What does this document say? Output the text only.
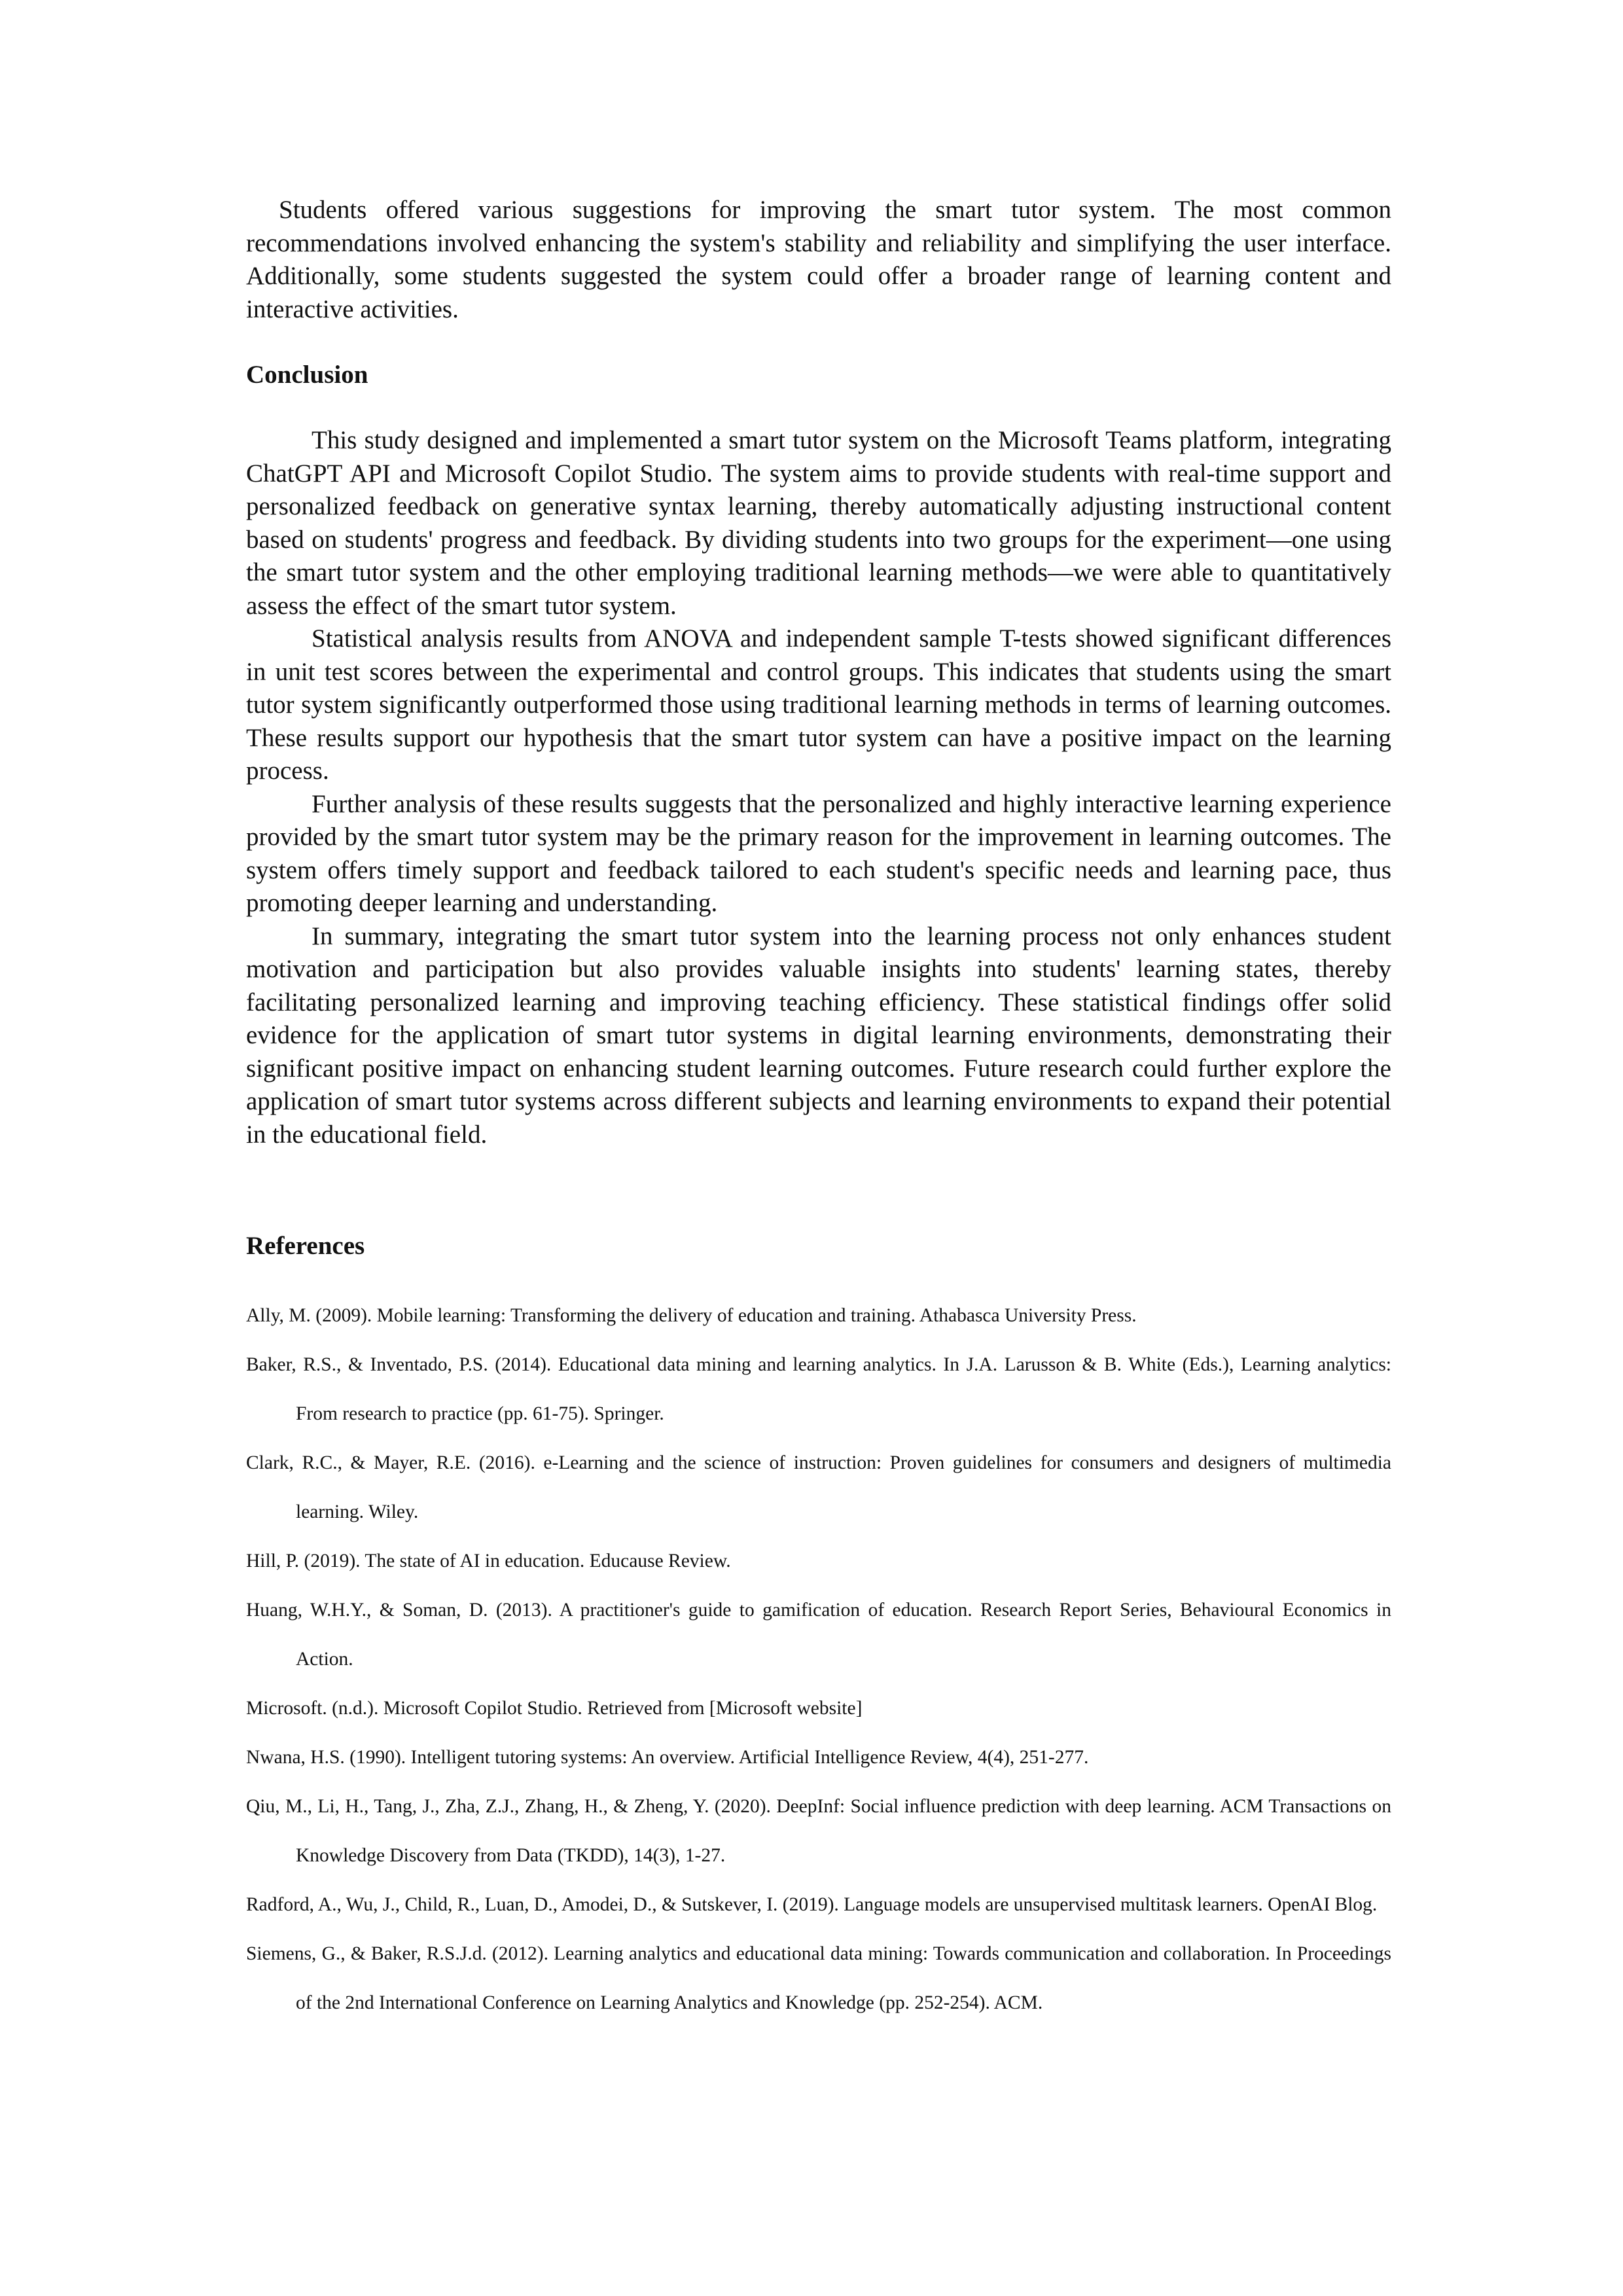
Students offered various suggestions for improving the smart tutor system. The most common recommendations involved enhancing the system's stability and reliability and simplifying the user interface. Additionally, some students suggested the system could offer a broader range of learning content and interactive activities.

Conclusion

This study designed and implemented a smart tutor system on the Microsoft Teams platform, integrating ChatGPT API and Microsoft Copilot Studio. The system aims to provide students with real-time support and personalized feedback on generative syntax learning, thereby automatically adjusting instructional content based on students' progress and feedback. By dividing students into two groups for the experiment—one using the smart tutor system and the other employing traditional learning methods—we were able to quantitatively assess the effect of the smart tutor system.

Statistical analysis results from ANOVA and independent sample T-tests showed significant differences in unit test scores between the experimental and control groups. This indicates that students using the smart tutor system significantly outperformed those using traditional learning methods in terms of learning outcomes. These results support our hypothesis that the smart tutor system can have a positive impact on the learning process.

Further analysis of these results suggests that the personalized and highly interactive learning experience provided by the smart tutor system may be the primary reason for the improvement in learning outcomes. The system offers timely support and feedback tailored to each student's specific needs and learning pace, thus promoting deeper learning and understanding.

In summary, integrating the smart tutor system into the learning process not only enhances student motivation and participation but also provides valuable insights into students' learning states, thereby facilitating personalized learning and improving teaching efficiency. These statistical findings offer solid evidence for the application of smart tutor systems in digital learning environments, demonstrating their significant positive impact on enhancing student learning outcomes. Future research could further explore the application of smart tutor systems across different subjects and learning environments to expand their potential in the educational field.

References
Ally, M. (2009). Mobile learning: Transforming the delivery of education and training. Athabasca University Press.
Baker, R.S., & Inventado, P.S. (2014). Educational data mining and learning analytics. In J.A. Larusson & B. White (Eds.), Learning analytics: From research to practice (pp. 61-75). Springer.
Clark, R.C., & Mayer, R.E. (2016). e-Learning and the science of instruction: Proven guidelines for consumers and designers of multimedia learning. Wiley.
Hill, P. (2019). The state of AI in education. Educause Review.
Huang, W.H.Y., & Soman, D. (2013). A practitioner's guide to gamification of education. Research Report Series, Behavioural Economics in Action.
Microsoft. (n.d.). Microsoft Copilot Studio. Retrieved from [Microsoft website]
Nwana, H.S. (1990). Intelligent tutoring systems: An overview. Artificial Intelligence Review, 4(4), 251-277.
Qiu, M., Li, H., Tang, J., Zha, Z.J., Zhang, H., & Zheng, Y. (2020). DeepInf: Social influence prediction with deep learning. ACM Transactions on Knowledge Discovery from Data (TKDD), 14(3), 1-27.
Radford, A., Wu, J., Child, R., Luan, D., Amodei, D., & Sutskever, I. (2019). Language models are unsupervised multitask learners. OpenAI Blog.
Siemens, G., & Baker, R.S.J.d. (2012). Learning analytics and educational data mining: Towards communication and collaboration. In Proceedings of the 2nd International Conference on Learning Analytics and Knowledge (pp. 252-254). ACM.
